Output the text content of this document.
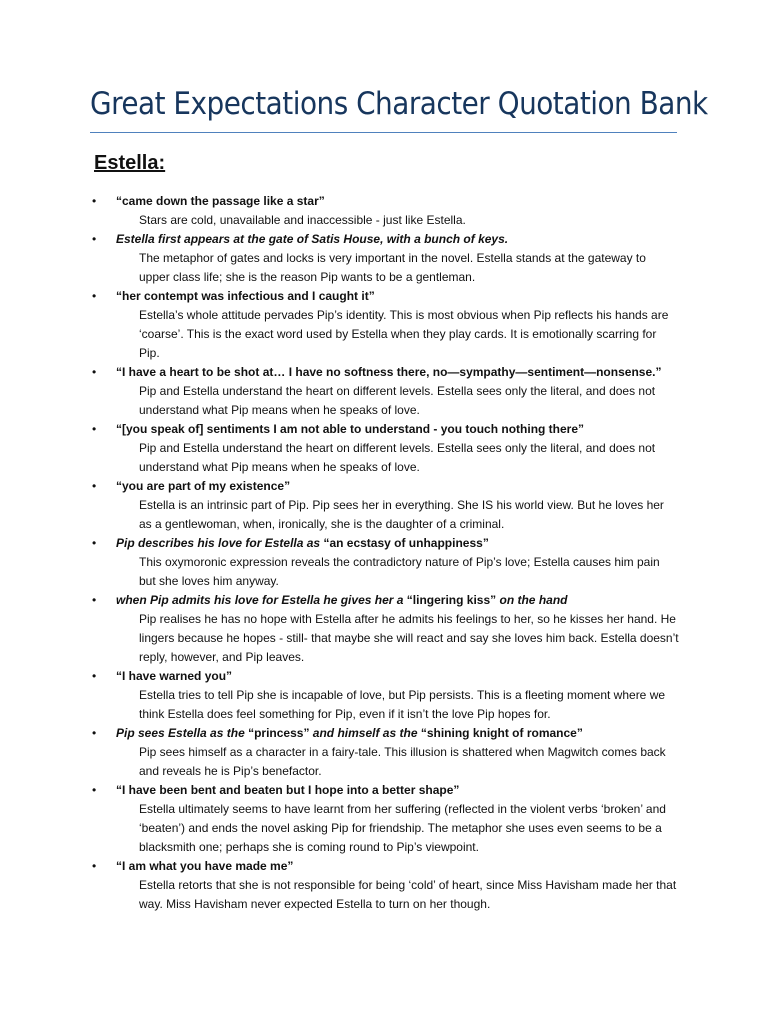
Great Expectations Character Quotation Bank
Estella:
• “came down the passage like a star”
Stars are cold, unavailable and inaccessible - just like Estella.
• Estella first appears at the gate of Satis House, with a bunch of keys.
The metaphor of gates and locks is very important in the novel. Estella stands at the gateway to upper class life; she is the reason Pip wants to be a gentleman.
• “her contempt was infectious and I caught it”
Estella’s whole attitude pervades Pip’s identity. This is most obvious when Pip reflects his hands are ‘coarse’. This is the exact word used by Estella when they play cards. It is emotionally scarring for Pip.
• “I have a heart to be shot at… I have no softness there, no—sympathy—sentiment—nonsense.”
Pip and Estella understand the heart on different levels. Estella sees only the literal, and does not understand what Pip means when he speaks of love.
• “[you speak of] sentiments I am not able to understand - you touch nothing there”
Pip and Estella understand the heart on different levels. Estella sees only the literal, and does not understand what Pip means when he speaks of love.
• “you are part of my existence”
Estella is an intrinsic part of Pip. Pip sees her in everything. She IS his world view. But he loves her as a gentlewoman, when, ironically, she is the daughter of a criminal.
• Pip describes his love for Estella as “an ecstasy of unhappiness”
This oxymoronic expression reveals the contradictory nature of Pip’s love; Estella causes him pain but she loves him anyway.
• when Pip admits his love for Estella he gives her a “lingering kiss” on the hand
Pip realises he has no hope with Estella after he admits his feelings to her, so he kisses her hand. He lingers because he hopes - still- that maybe she will react and say she loves him back. Estella doesn’t reply, however, and Pip leaves.
• “I have warned you”
Estella tries to tell Pip she is incapable of love, but Pip persists. This is a fleeting moment where we think Estella does feel something for Pip, even if it isn’t the love Pip hopes for.
• Pip sees Estella as the “princess” and himself as the “shining knight of romance”
Pip sees himself as a character in a fairy-tale. This illusion is shattered when Magwitch comes back and reveals he is Pip’s benefactor.
• “I have been bent and beaten but I hope into a better shape”
Estella ultimately seems to have learnt from her suffering (reflected in the violent verbs ‘broken’ and ‘beaten’) and ends the novel asking Pip for friendship. The metaphor she uses even seems to be a blacksmith one; perhaps she is coming round to Pip’s viewpoint.
• “I am what you have made me”
Estella retorts that she is not responsible for being ‘cold’ of heart, since Miss Havisham made her that way. Miss Havisham never expected Estella to turn on her though.
